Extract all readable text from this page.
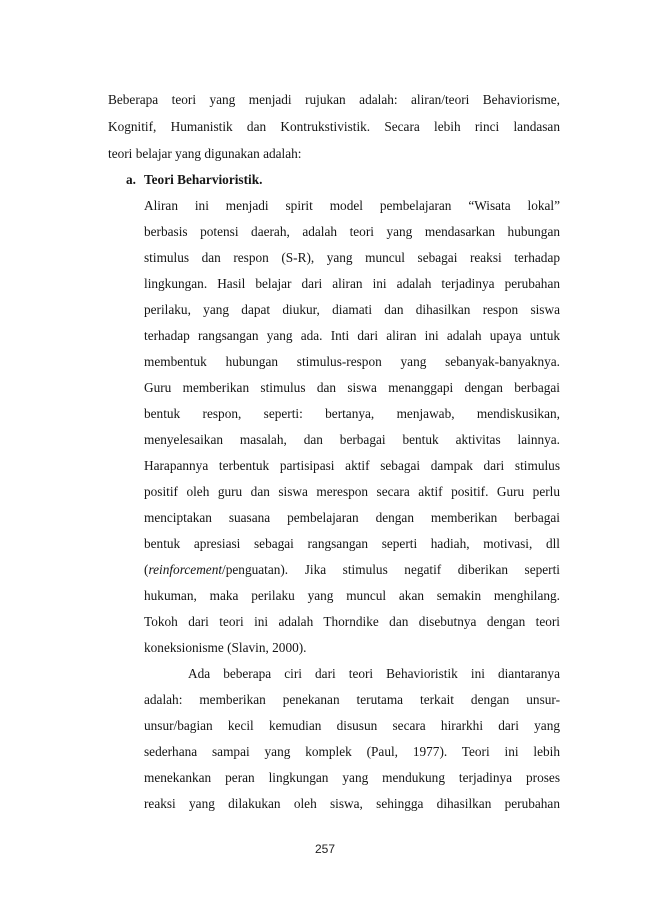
Beberapa teori yang menjadi rujukan adalah: aliran/teori Behaviorisme,
Kognitif, Humanistik dan Kontrukstivistik. Secara lebih rinci landasan
teori belajar yang digunakan adalah:
a. Teori Beharvioristik.
Aliran ini menjadi spirit model pembelajaran “Wisata lokal”
berbasis potensi daerah, adalah teori yang mendasarkan hubungan
stimulus dan respon (S-R), yang muncul sebagai reaksi terhadap
lingkungan. Hasil belajar dari aliran ini adalah terjadinya perubahan
perilaku, yang dapat diukur, diamati dan dihasilkan respon siswa
terhadap rangsangan yang ada. Inti dari aliran ini adalah upaya untuk
membentuk hubungan stimulus-respon yang sebanyak-banyaknya.
Guru memberikan stimulus dan siswa menanggapi dengan berbagai
bentuk respon, seperti: bertanya, menjawab, mendiskusikan,
menyelesaikan masalah, dan berbagai bentuk aktivitas lainnya.
Harapannya terbentuk partisipasi aktif sebagai dampak dari stimulus
positif oleh guru dan siswa merespon secara aktif positif. Guru perlu
menciptakan suasana pembelajaran dengan memberikan berbagai
bentuk apresiasi sebagai rangsangan seperti hadiah, motivasi, dll
(reinforcement/penguatan). Jika stimulus negatif diberikan seperti
hukuman, maka perilaku yang muncul akan semakin menghilang.
Tokoh dari teori ini adalah Thorndike dan disebutnya dengan teori
koneksionisme (Slavin, 2000).
Ada beberapa ciri dari teori Behavioristik ini diantaranya
adalah: memberikan penekanan terutama terkait dengan unsur-
unsur/bagian kecil kemudian disusun secara hirarkhi dari yang
sederhana sampai yang komplek (Paul, 1977). Teori ini lebih
menekankan peran lingkungan yang mendukung terjadinya proses
reaksi yang dilakukan oleh siswa, sehingga dihasilkan perubahan
257
